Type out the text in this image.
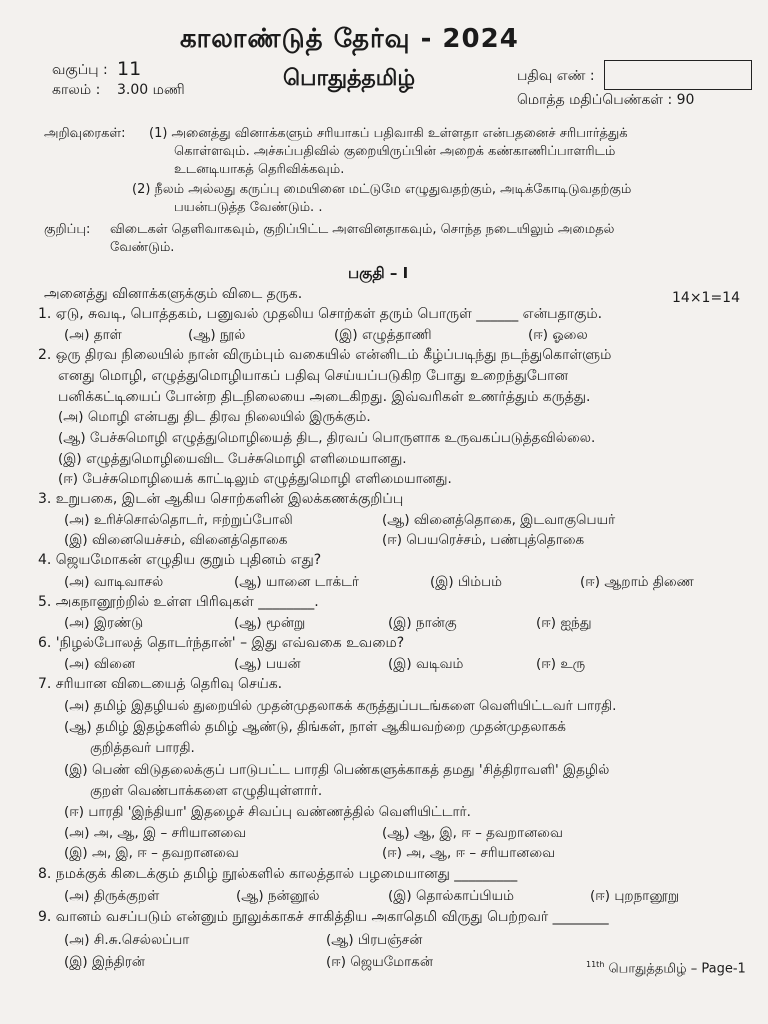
காலாண்டுத் தேர்வு - 2024
வகுப்பு : 11
காலம் : 3.00 மணி	பொதுத்தமிழ்	பதிவு எண் :
மொத்த மதிப்பெண்கள் : 90
அறிவுரைகள்: (1) அனைத்து வினாக்களும் சரியாகப் பதிவாகி உள்ளதா என்பதனைச் சரிபார்த்துக்
கொள்ளவும். அச்சுப்பதிவில் குறையிருப்பின் அறைக் கண்காணிப்பாளரிடம்
உடனடியாகத் தெரிவிக்கவும்.
(2) நீலம் அல்லது கருப்பு மையினை மட்டுமே எழுதுவதற்கும், அடிக்கோடிடுவதற்கும்
பயன்படுத்த வேண்டும். .
குறிப்பு: விடைகள் தெளிவாகவும், குறிப்பிட்ட அளவினதாகவும், சொந்த நடையிலும் அமைதல்
வேண்டும்.
பகுதி – I
அனைத்து வினாக்களுக்கும் விடை தருக.	14×1=14
1. ஏடு, சுவடி, பொத்தகம், பனுவல் முதலிய சொற்கள் தரும் பொருள் ______ என்பதாகும்.
(அ) தாள்	(ஆ) நூல்	(இ) எழுத்தாணி	(ஈ) ஓலை
2. ஒரு திரவ நிலையில் நான் விரும்பும் வகையில் என்னிடம் கீழ்ப்படிந்து நடந்துகொள்ளும்
எனது மொழி, எழுத்துமொழியாகப் பதிவு செய்யப்படுகிற போது உறைந்துபோன
பனிக்கட்டியைப் போன்ற திடநிலையை அடைகிறது. இவ்வரிகள் உணர்த்தும் கருத்து.
(அ) மொழி என்பது திட திரவ நிலையில் இருக்கும்.
(ஆ) பேச்சுமொழி எழுத்துமொழியைத் திட, திரவப் பொருளாக உருவகப்படுத்தவில்லை.
(இ) எழுத்துமொழியைவிட பேச்சுமொழி எளிமையானது.
(ஈ) பேச்சுமொழியைக் காட்டிலும் எழுத்துமொழி எளிமையானது.
3. உறுபகை, இடன் ஆகிய சொற்களின் இலக்கணக்குறிப்பு
(அ) உரிச்சொல்தொடர், ஈற்றுப்போலி	(ஆ) வினைத்தொகை, இடவாகுபெயர்
(இ) வினையெச்சம், வினைத்தொகை	(ஈ) பெயரெச்சம், பண்புத்தொகை
4. ஜெயமோகன் எழுதிய குறும் புதினம் எது?
(அ) வாடிவாசல்	(ஆ) யானை டாக்டர்	(இ) பிம்பம்	(ஈ) ஆறாம் திணை
5. அகநானூற்றில் உள்ள பிரிவுகள் ________.
(அ) இரண்டு	(ஆ) மூன்று	(இ) நான்கு	(ஈ) ஐந்து
6. 'நிழல்போலத் தொடர்ந்தான்' – இது எவ்வகை உவமை?
(அ) வினை	(ஆ) பயன்	(இ) வடிவம்	(ஈ) உரு
7. சரியான விடையைத் தெரிவு செய்க.
(அ) தமிழ் இதழியல் துறையில் முதன்முதலாகக் கருத்துப்படங்களை வெளியிட்டவர் பாரதி.
(ஆ) தமிழ் இதழ்களில் தமிழ் ஆண்டு, திங்கள், நாள் ஆகியவற்றை முதன்முதலாகக்
குறித்தவர் பாரதி.
(இ) பெண் விடுதலைக்குப் பாடுபட்ட பாரதி பெண்களுக்காகத் தமது 'சித்திராவளி' இதழில்
குறள் வெண்பாக்களை எழுதியுள்ளார்.
(ஈ) பாரதி 'இந்தியா' இதழைச் சிவப்பு வண்ணத்தில் வெளியிட்டார்.
(அ) அ, ஆ, இ – சரியானவை	(ஆ) ஆ, இ, ஈ – தவறானவை
(இ) அ, இ, ஈ – தவறானவை	(ஈ) அ, ஆ, ஈ – சரியானவை
8. நமக்குக் கிடைக்கும் தமிழ் நூல்களில் காலத்தால் பழமையானது _________
(அ) திருக்குறள்	(ஆ) நன்னூல்	(இ) தொல்காப்பியம்	(ஈ) புறநானூறு
9. வானம் வசப்படும் என்னும் நூலுக்காகச் சாகித்திய அகாதெமி விருது பெற்றவர் ________
(அ) சி.சு.செல்லப்பா	(ஆ) பிரபஞ்சன்
(இ) இந்திரன்	(ஈ) ஜெயமோகன்	$^{11th}$ பொதுத்தமிழ் – Page-1
